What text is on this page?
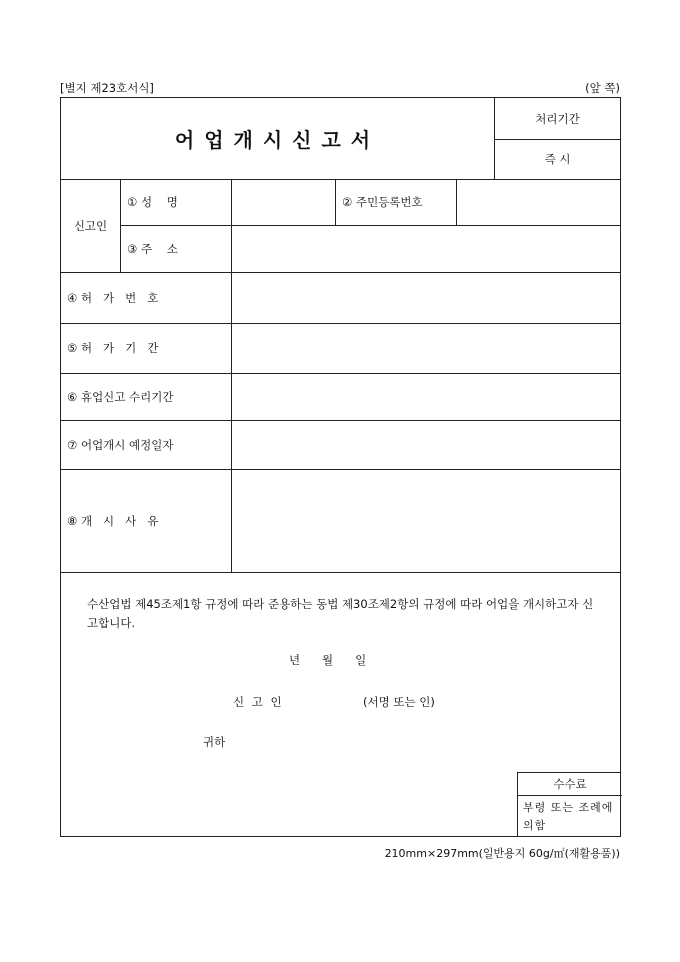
[별지 제23호서식]	(앞 쪽)
어업개시신고서
처리기간
즉 시
신고인
① 성    명	② 주민등록번호
③ 주    소
④ 허   가   번   호
⑤ 허   가   기   간
⑥ 휴업신고 수리기간
⑦ 어업개시 예정일자
⑧ 개   시   사   유
수산업법 제45조제1항 규정에 따라 준용하는 동법 제30조제2항의 규정에 따라 어업을 개시하고자 신고합니다.
년      월      일
신 고 인	(서명 또는 인)
귀하
수수료
부령 또는 조례에 의함
210mm×297mm(일반용지 60g/㎡(재활용품))
